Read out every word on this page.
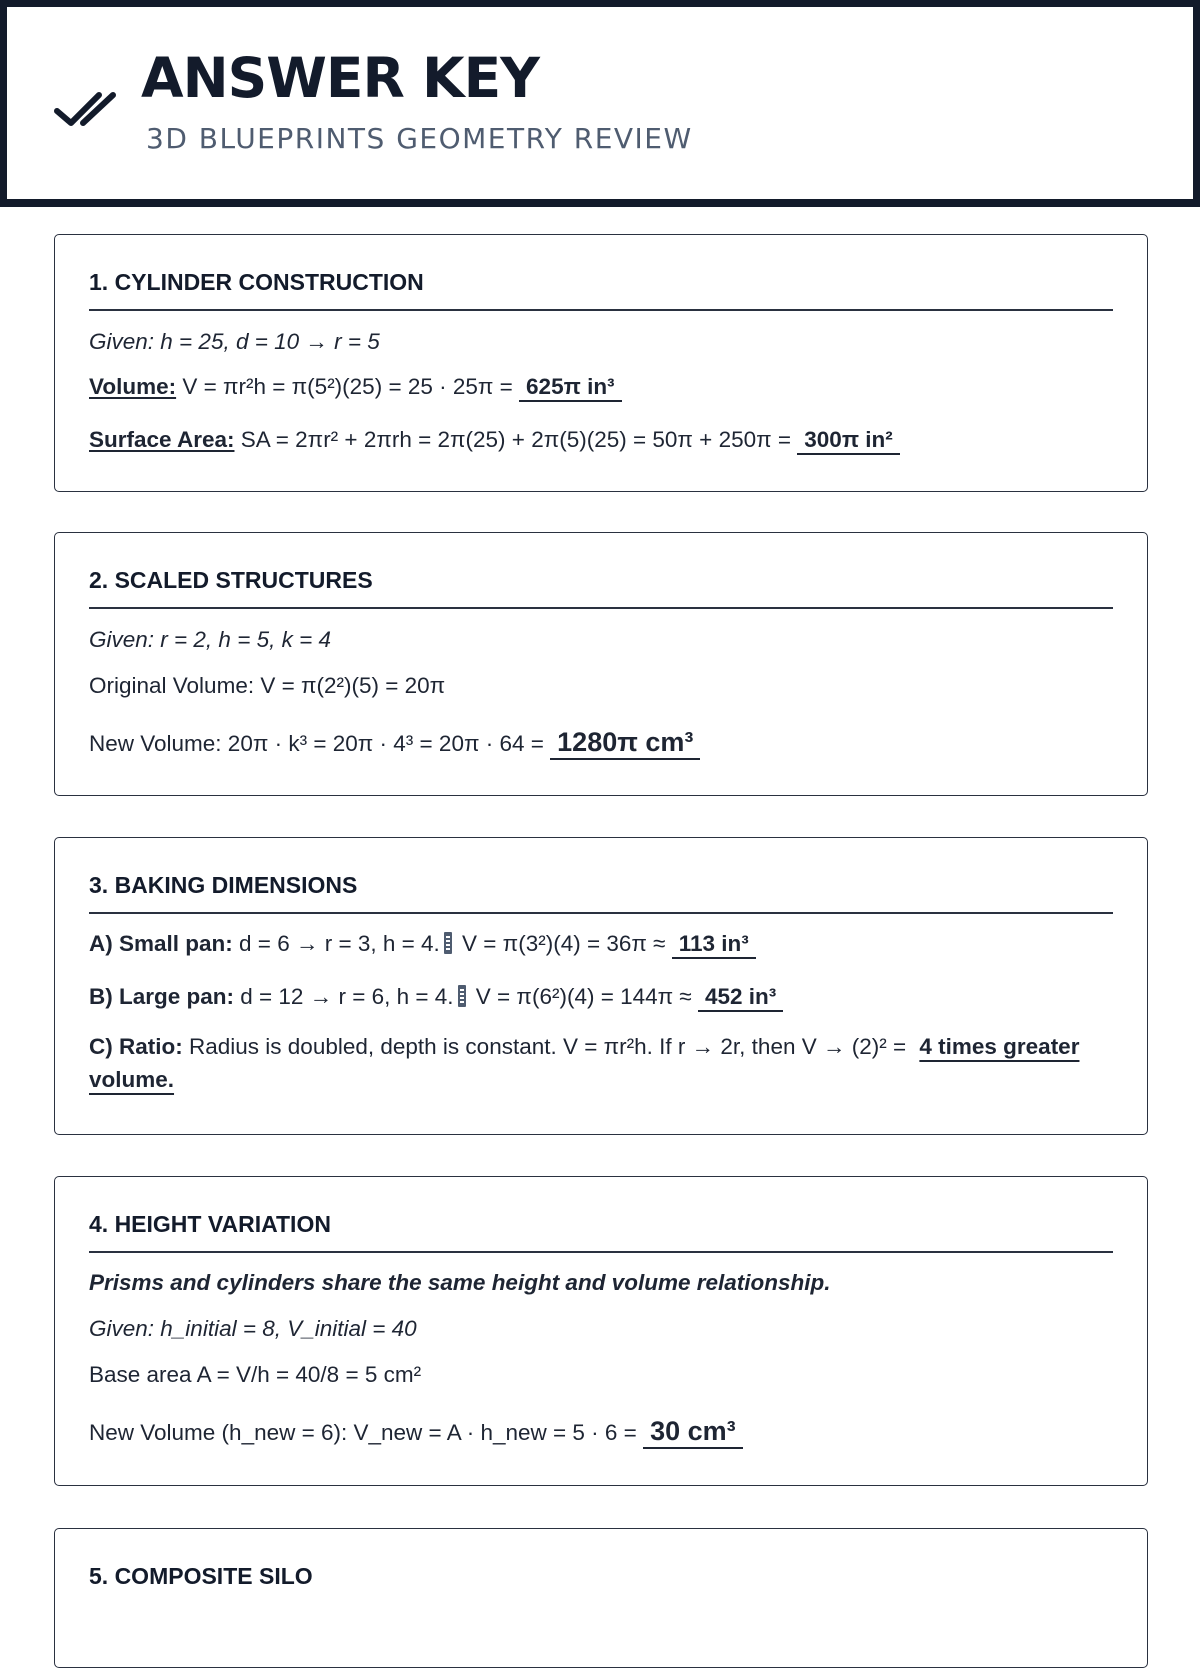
ANSWER KEY
3D BLUEPRINTS GEOMETRY REVIEW
1. CYLINDER CONSTRUCTION
Given: h = 25, d = 10 → r = 5
Volume: V = πr²h = π(5²)(25) = 25 · 25π = 625π in³
Surface Area: SA = 2πr² + 2πrh = 2π(25) + 2π(5)(25) = 50π + 250π = 300π in²
2. SCALED STRUCTURES
Given: r = 2, h = 5, k = 4
Original Volume: V = π(2²)(5) = 20π
New Volume: 20π · k³ = 20π · 4³ = 20π · 64 = 1280π cm³
3. BAKING DIMENSIONS
A) Small pan: d = 6 → r = 3, h = 4. V = π(3²)(4) = 36π ≈ 113 in³
B) Large pan: d = 12 → r = 6, h = 4. V = π(6²)(4) = 144π ≈ 452 in³
C) Ratio: Radius is doubled, depth is constant. V = πr²h. If r → 2r, then V → (2)² = 4 times greater volume.
4. HEIGHT VARIATION
Prisms and cylinders share the same height and volume relationship.
Given: h_initial = 8, V_initial = 40
Base area A = V/h = 40/8 = 5 cm²
New Volume (h_new = 6): V_new = A · h_new = 5 · 6 = 30 cm³
5. COMPOSITE SILO
